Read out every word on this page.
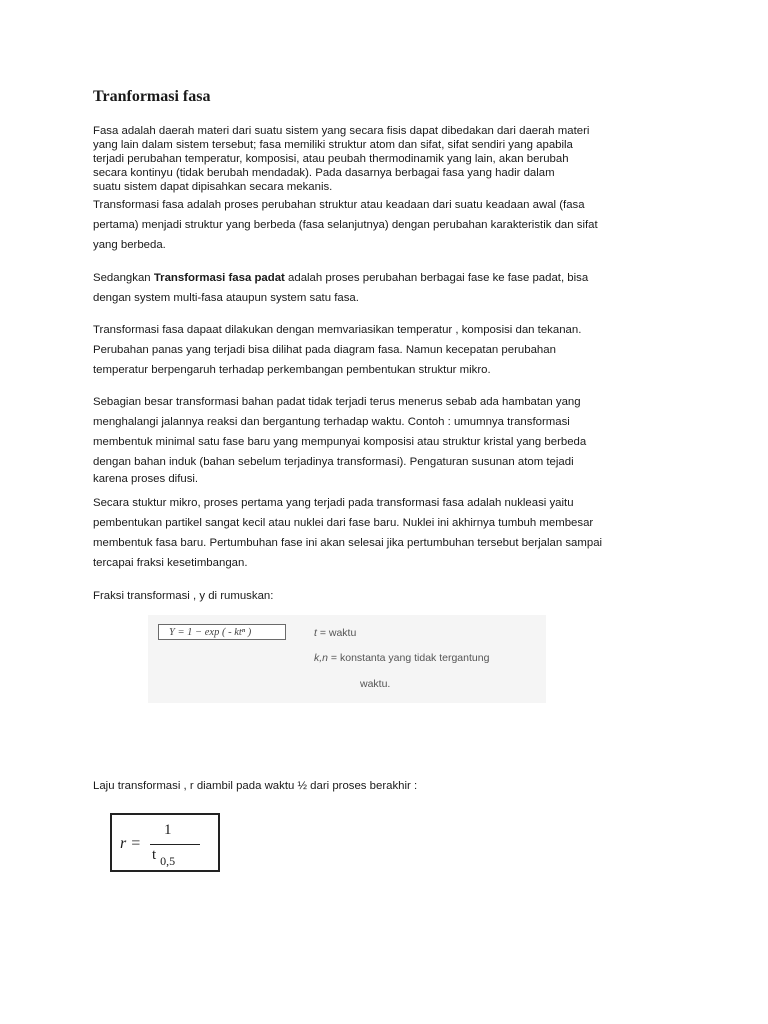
Tranformasi fasa
Fasa adalah daerah materi dari suatu sistem yang secara fisis dapat dibedakan dari daerah materi
yang lain dalam sistem tersebut; fasa memiliki struktur atom dan sifat, sifat sendiri yang apabila
terjadi perubahan temperatur, komposisi, atau peubah thermodinamik yang lain, akan berubah
secara kontinyu (tidak berubah mendadak). Pada dasarnya berbagai fasa yang hadir dalam
suatu sistem dapat dipisahkan secara mekanis.
Transformasi fasa adalah proses perubahan struktur atau keadaan dari suatu keadaan awal (fasa
pertama) menjadi struktur yang berbeda (fasa selanjutnya) dengan perubahan karakteristik dan sifat
yang berbeda.
Sedangkan Transformasi fasa padat adalah proses perubahan berbagai fase ke fase padat, bisa
dengan system multi-fasa ataupun system satu fasa.
Transformasi fasa dapaat dilakukan dengan memvariasikan temperatur , komposisi dan tekanan.
Perubahan panas yang terjadi bisa dilihat pada diagram fasa. Namun kecepatan perubahan
temperatur berpengaruh terhadap perkembangan pembentukan struktur mikro.
Sebagian besar transformasi bahan padat tidak terjadi terus menerus sebab ada hambatan yang
menghalangi jalannya reaksi dan bergantung terhadap waktu. Contoh : umumnya transformasi
membentuk minimal satu fase baru yang mempunyai komposisi atau struktur kristal yang berbeda
dengan bahan induk (bahan sebelum terjadinya transformasi). Pengaturan susunan atom tejadi
karena proses difusi.
Secara stuktur mikro, proses pertama yang terjadi pada transformasi fasa adalah nukleasi yaitu
pembentukan partikel sangat kecil atau nuklei dari fase baru. Nuklei ini akhirnya tumbuh membesar
membentuk fasa baru. Pertumbuhan fase ini akan selesai jika pertumbuhan tersebut berjalan sampai
tercapai fraksi kesetimbangan.

Fraksi transformasi , y di rumuskan:

Y = 1 − exp ( - ktⁿ )	t = waktu
k,n = konstanta yang tidak tergantung
waktu.

Laju transformasi , r diambil pada waktu ½ dari proses berakhir :

r =
1
t $_{0,5}$
